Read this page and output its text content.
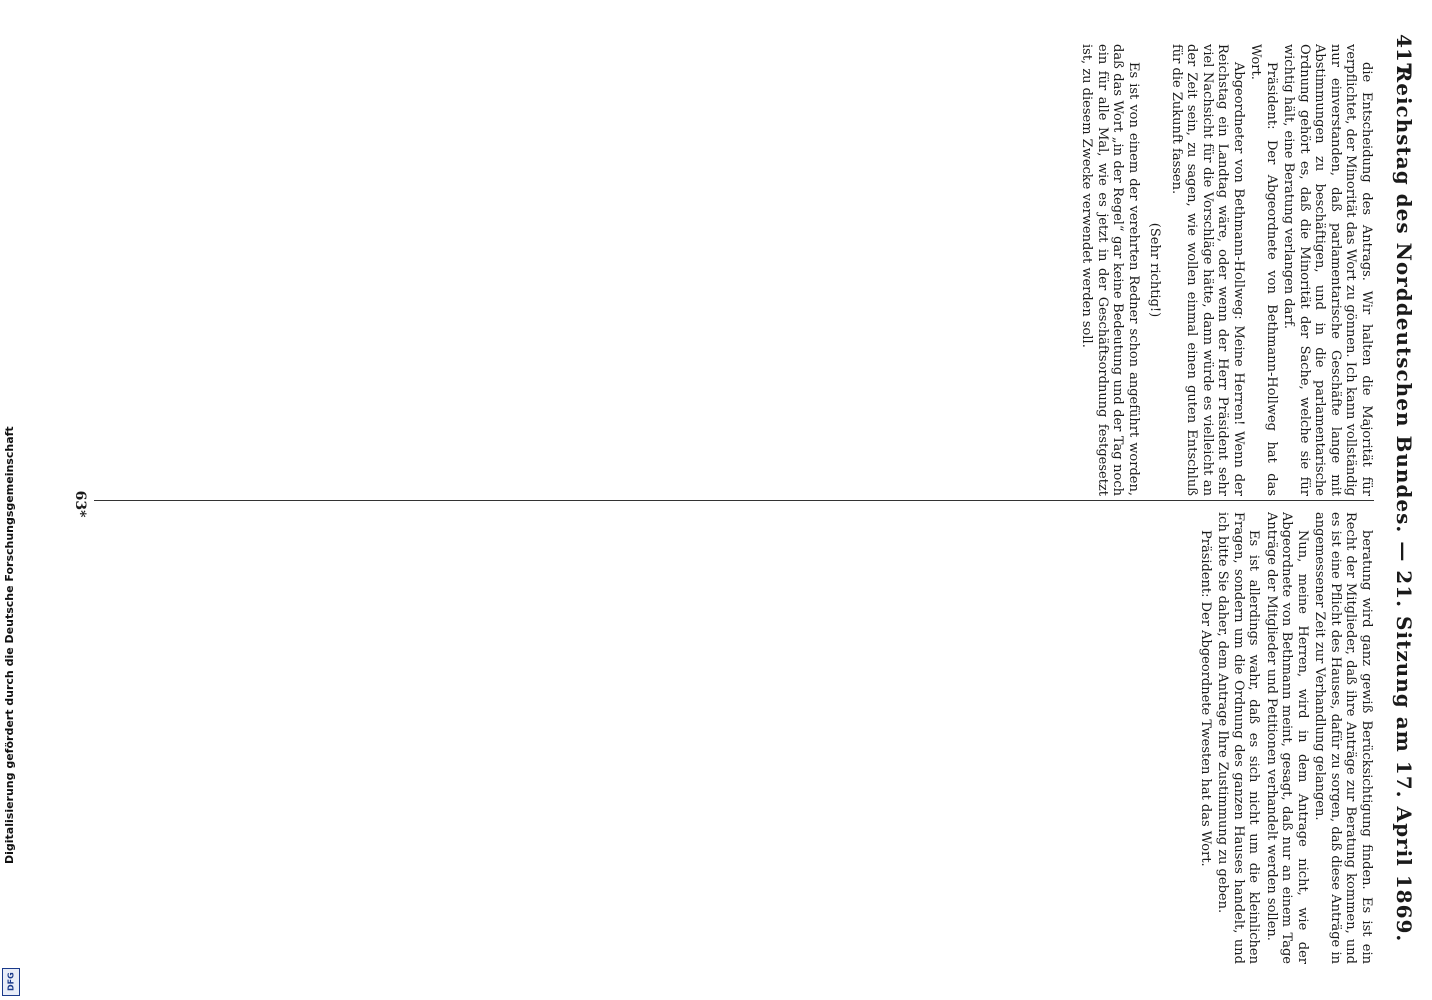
Reichstag des Norddeutschen Bundes. — 21. Sitzung am 17. April 1869.
417

die Entscheidung des Antrags. Wir halten die Majorität für verpflichtet, der Minorität das Wort zu gönnen. Ich kann vollständig nur einverstanden, daß parlamentarische Geschäfte lange mit Abstimmungen zu beschäftigen, und in die parlamentarische Ordnung gehört es, daß die Minorität der Sache, welche sie für wichtig hält, eine Beratung verlangen darf.

Präsident: Der Abgeordnete von Bethmann-Hollweg hat das Wort.

Abgeordneter von Bethmann-Hollweg: Meine Herren! Wenn der Reichstag ein Landtag wäre, oder wenn der Herr Präsident sehr viel Nachsicht für die Vorschläge hätte, dann würde es vielleicht an der Zeit sein, zu sagen, wie wollen einmal einen guten Entschluß für die Zukunft fassen.

(Sehr richtig!)

Es ist von einem der verehrten Redner schon angeführt worden, daß das Wort „in der Regel“ gar keine Bedeutung und der Tag noch ein für alle Mal, wie es jetzt in der Geschäftsordnung festgesetzt ist, zu diesem Zwecke verwendet werden soll.

beratung wird ganz gewiß Berücksichtigung finden. Es ist ein Recht der Mitglieder, daß ihre Anträge zur Beratung kommen, und es ist eine Pflicht des Hauses, dafür zu sorgen, daß diese Anträge in angemessener Zeit zur Verhandlung gelangen.

Nun, meine Herren, wird in dem Antrage nicht, wie der Abgeordnete von Bethmann meint, gesagt, daß nur an einem Tage Anträge der Mitglieder und Petitionen verhandelt werden sollen.

Es ist allerdings wahr, daß es sich nicht um die kleinlichen Fragen, sondern um die Ordnung des ganzen Hauses handelt, und ich bitte Sie daher, dem Antrage Ihre Zustimmung zu geben.

Präsident: Der Abgeordnete Twesten hat das Wort.

63*
Digitalisierung gefördert durch die Deutsche Forschungsgemeinschaft
DFG
